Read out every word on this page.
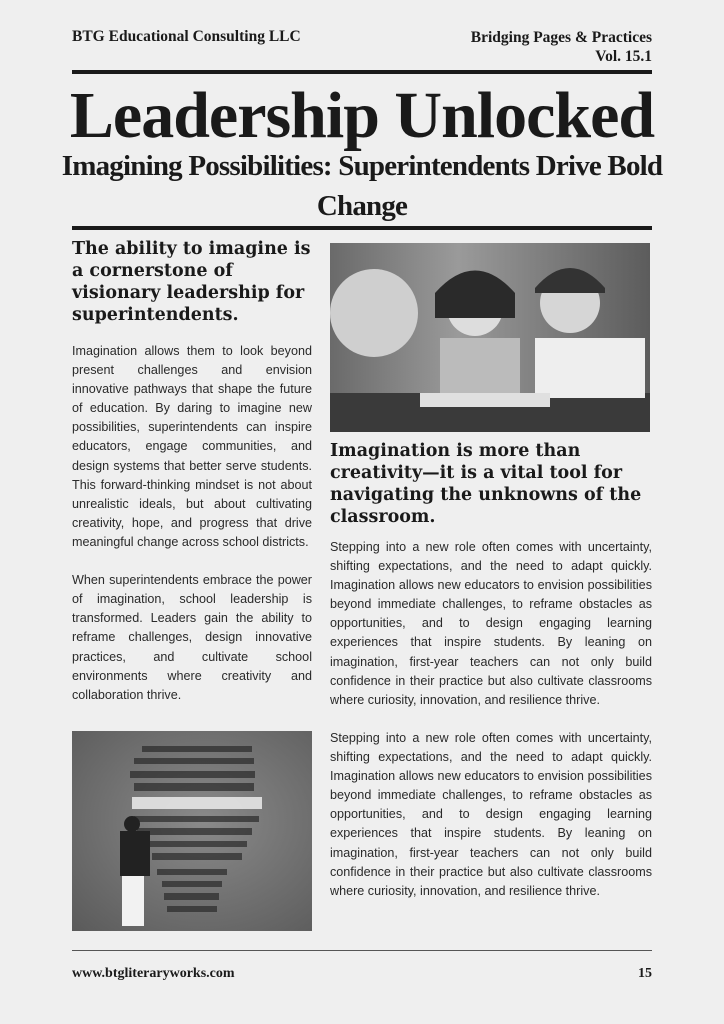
BTG Educational Consulting LLC	Bridging Pages & Practices
Vol. 15.1
Leadership Unlocked
Imagining Possibilities: Superintendents Drive Bold Change
The ability to imagine is a cornerstone of visionary leadership for superintendents.

Imagination allows them to look beyond present challenges and envision innovative pathways that shape the future of education. By daring to imagine new possibilities, superintendents can inspire educators, engage communities, and design systems that better serve students. This forward-thinking mindset is not about unrealistic ideals, but about cultivating creativity, hope, and progress that drive meaningful change across school districts.

When superintendents embrace the power of imagination, school leadership is transformed. Leaders gain the ability to reframe challenges, design innovative practices, and cultivate school environments where creativity and collaboration thrive.

Imagination is more than creativity—it is a vital tool for navigating the unknowns of the classroom.

Stepping into a new role often comes with uncertainty, shifting expectations, and the need to adapt quickly. Imagination allows new educators to envision possibilities beyond immediate challenges, to reframe obstacles as opportunities, and to design engaging learning experiences that inspire students. By leaning on imagination, first-year teachers can not only build confidence in their practice but also cultivate classrooms where curiosity, innovation, and resilience thrive.

Stepping into a new role often comes with uncertainty, shifting expectations, and the need to adapt quickly. Imagination allows new educators to envision possibilities beyond immediate challenges, to reframe obstacles as opportunities, and to design engaging learning experiences that inspire students. By leaning on imagination, first-year teachers can not only build confidence in their practice but also cultivate classrooms where curiosity, innovation, and resilience thrive.

www.btgliteraryworks.com	15
